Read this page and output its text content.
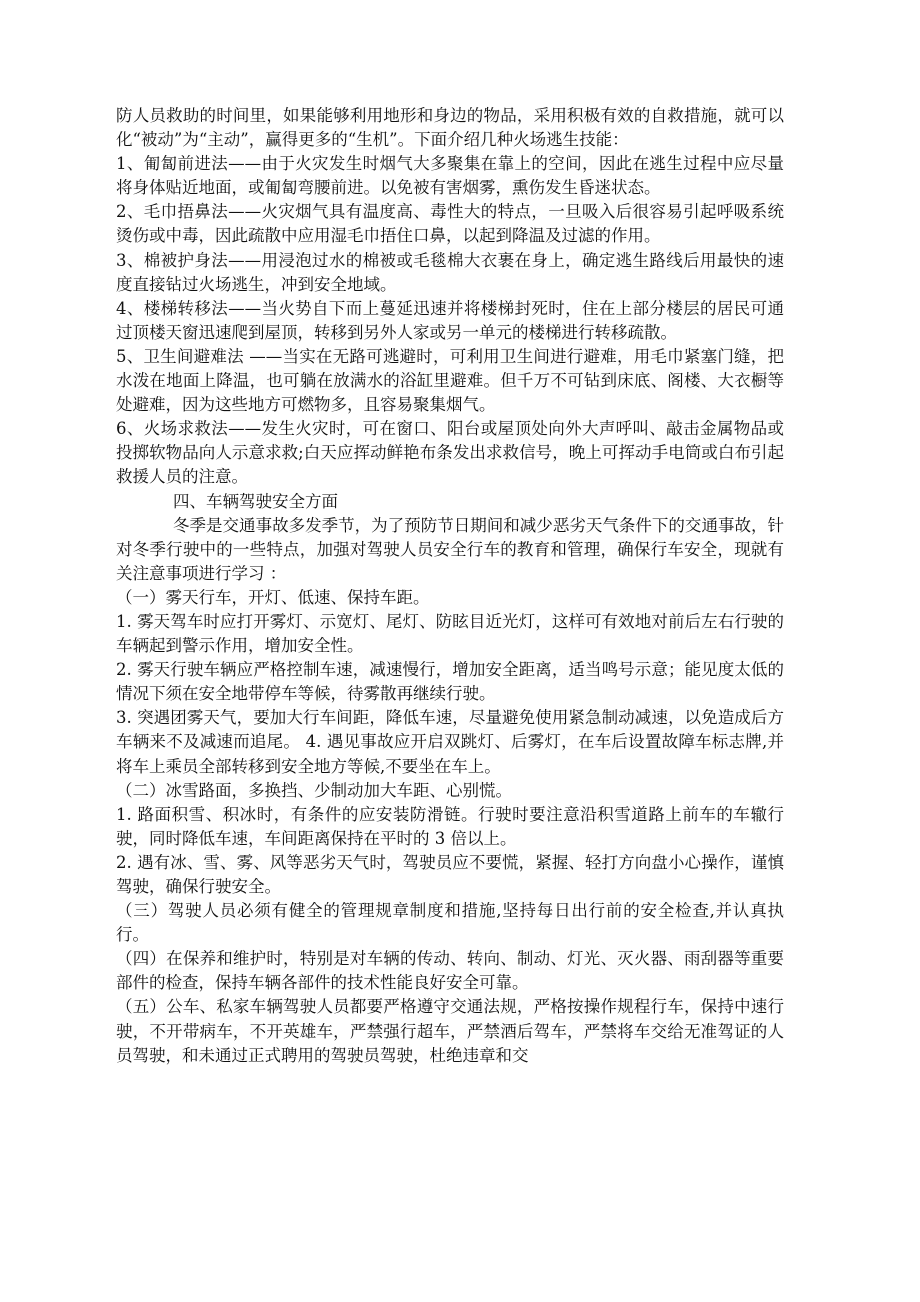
防人员救助的时间里，如果能够利用地形和身边的物品，采用积极有效的自救措施，就可以化“被动”为“主动”，赢得更多的“生机”。下面介绍几种火场逃生技能：

1、匍匐前进法——由于火灾发生时烟气大多聚集在靠上的空间，因此在逃生过程中应尽量将身体贴近地面，或匍匐弯腰前进。以免被有害烟雾，熏伤发生昏迷状态。

2、毛巾捂鼻法——火灾烟气具有温度高、毒性大的特点，一旦吸入后很容易引起呼吸系统烫伤或中毒，因此疏散中应用湿毛巾捂住口鼻，以起到降温及过滤的作用。

3、棉被护身法——用浸泡过水的棉被或毛毯棉大衣裹在身上，确定逃生路线后用最快的速度直接钻过火场逃生，冲到安全地域。

4、楼梯转移法——当火势自下而上蔓延迅速并将楼梯封死时，住在上部分楼层的居民可通过顶楼天窗迅速爬到屋顶，转移到另外人家或另一单元的楼梯进行转移疏散。

5、卫生间避难法 ——当实在无路可逃避时，可利用卫生间进行避难，用毛巾紧塞门缝，把水泼在地面上降温，也可躺在放满水的浴缸里避难。但千万不可钻到床底、阁楼、大衣橱等处避难，因为这些地方可燃物多，且容易聚集烟气。

6、火场求救法——发生火灾时，可在窗口、阳台或屋顶处向外大声呼叫、敲击金属物品或投掷软物品向人示意求救;白天应挥动鲜艳布条发出求救信号，晚上可挥动手电筒或白布引起救援人员的注意。

四、车辆驾驶安全方面

冬季是交通事故多发季节，为了预防节日期间和减少恶劣天气条件下的交通事故，针对冬季行驶中的一些特点，加强对驾驶人员安全行车的教育和管理，确保行车安全，现就有关注意事项进行学习 ：

（一）雾天行车，开灯、低速、保持车距。

1. 雾天驾车时应打开雾灯、示宽灯、尾灯、防眩目近光灯，这样可有效地对前后左右行驶的车辆起到警示作用，增加安全性。

2. 雾天行驶车辆应严格控制车速，减速慢行，增加安全距离，适当鸣号示意；能见度太低的情况下须在安全地带停车等候，待雾散再继续行驶。

3. 突遇团雾天气，要加大行车间距，降低车速，尽量避免使用紧急制动减速，以免造成后方车辆来不及减速而追尾。 4. 遇见事故应开启双跳灯、后雾灯，在车后设置故障车标志牌,并将车上乘员全部转移到安全地方等候,不要坐在车上。

（二）冰雪路面，多换挡、少制动加大车距、心别慌。

1. 路面积雪、积冰时，有条件的应安装防滑链。行驶时要注意沿积雪道路上前车的车辙行驶，同时降低车速，车间距离保持在平时的 3 倍以上。

2. 遇有冰、雪、雾、风等恶劣天气时，驾驶员应不要慌，紧握、轻打方向盘小心操作，谨慎驾驶，确保行驶安全。

（三）驾驶人员必须有健全的管理规章制度和措施,坚持每日出行前的安全检查,并认真执行。

（四）在保养和维护时，特别是对车辆的传动、转向、制动、灯光、灭火器、雨刮器等重要部件的检查，保持车辆各部件的技术性能良好安全可靠。

（五）公车、私家车辆驾驶人员都要严格遵守交通法规，严格按操作规程行车，保持中速行驶，不开带病车，不开英雄车，严禁强行超车，严禁酒后驾车，严禁将车交给无准驾证的人员驾驶，和未通过正式聘用的驾驶员驾驶，杜绝违章和交
